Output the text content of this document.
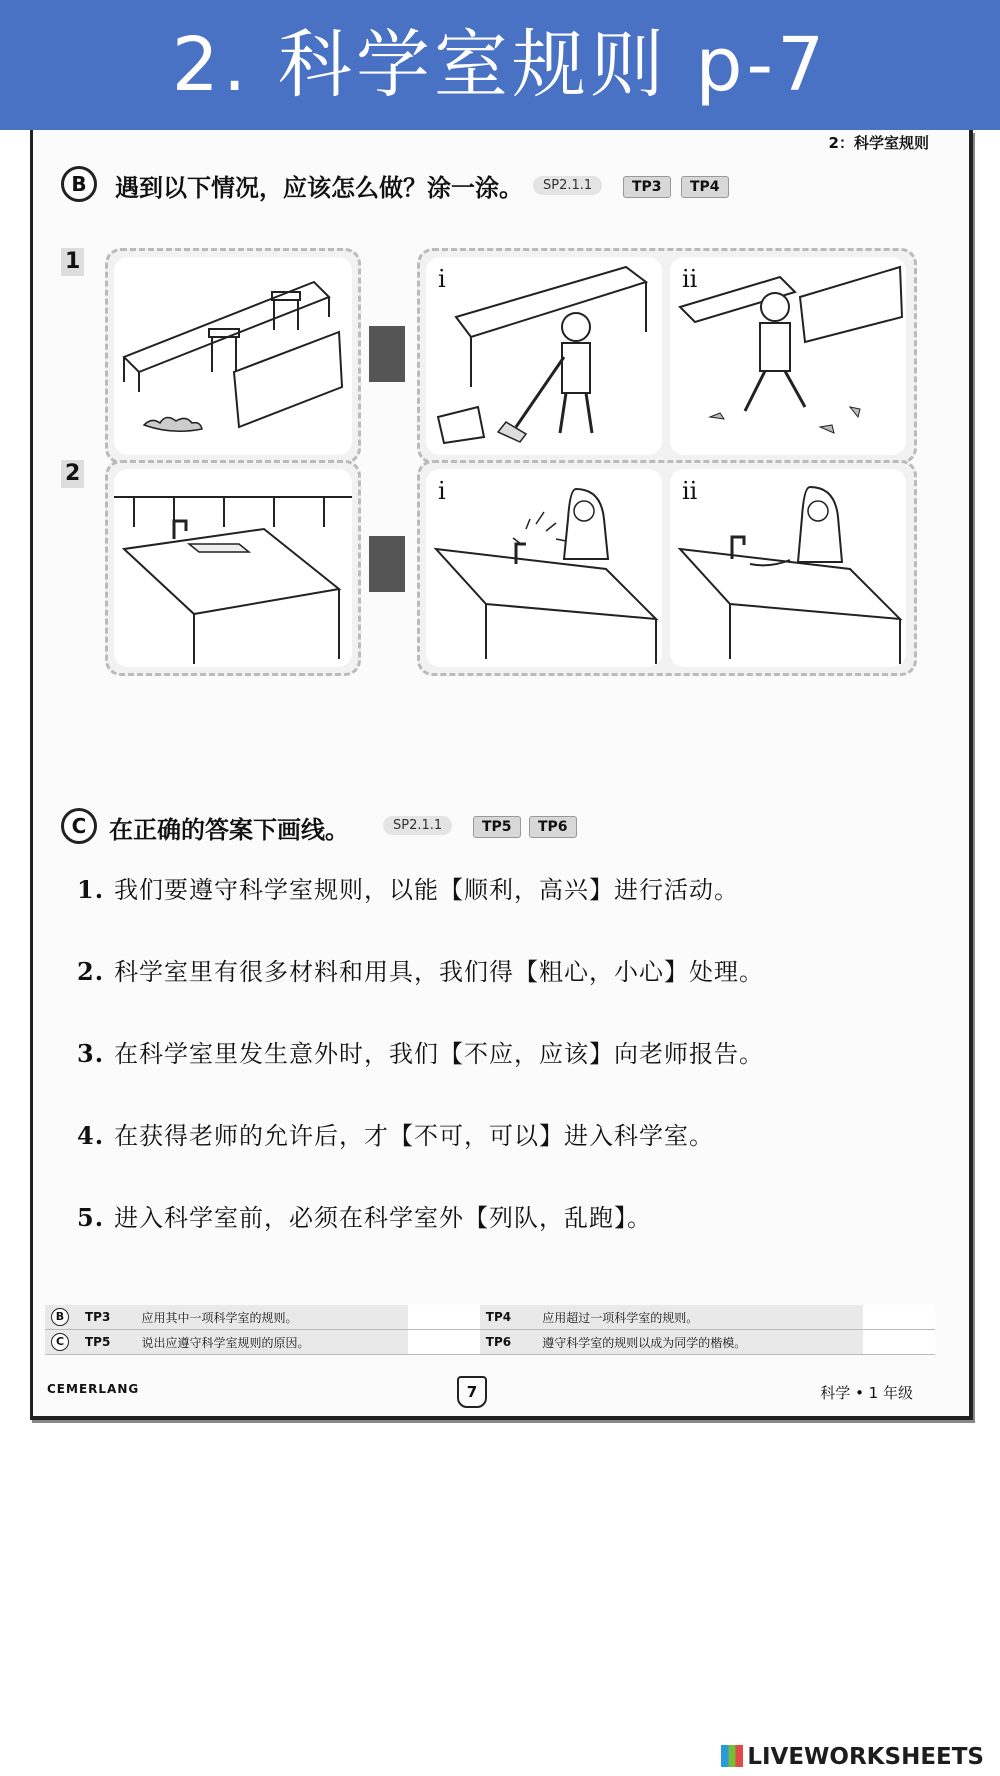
2. 科学室规则 p-7
2：科学室规则
B	遇到以下情况，应该怎么做？涂一涂。	SP2.1.1	TP3	TP4
1
i	ii
2
i	ii
C 在正确的答案下画线。	SP2.1.1	TP5	TP6
1. 我们要遵守科学室规则，以能【顺利，高兴】进行活动。
2. 科学室里有很多材料和用具，我们得【粗心，小心】处理。
3. 在科学室里发生意外时，我们【不应，应该】向老师报告。
4. 在获得老师的允许后，才【不可，可以】进入科学室。
5. 进入科学室前，必须在科学室外【列队，乱跑】。
B	TP3	应用其中一项科学室的规则。		TP4	应用超过一项科学室的规则。	
C	TP5	说出应遵守科学室规则的原因。		TP6	遵守科学室的规则以成为同学的楷模。	
CEMERLANG	7	科学 • 1 年级
LIVEWORKSHEETS
